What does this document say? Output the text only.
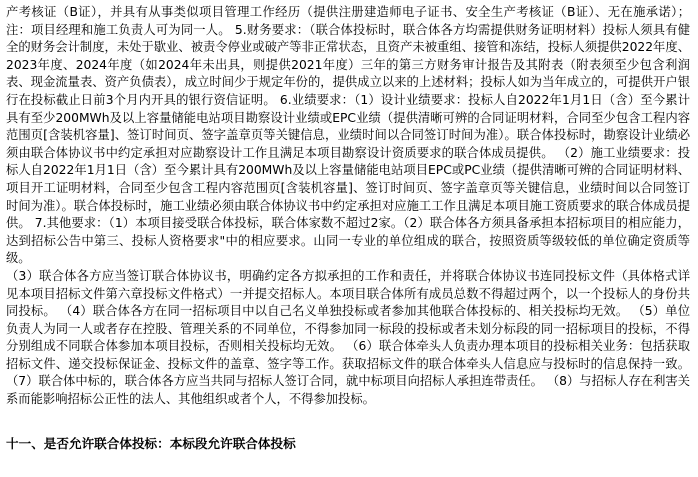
产考核证（B证），并具有从事类似项目管理工作经历（提供注册建造师电子证书、安全生产考核证（B证）、无在施承诺）； 注：项目经理和施工负责人可为同一人。 5.财务要求：（联合体投标时，联合体各方均需提供财务证明材料）投标人须具有健全的财务会计制度，未处于歇业、被责令停业或破产等非正常状态，且资产未被重组、接管和冻结，投标人须提供2022年度、2023年度、2024年度（如2024年未出具，则提供2021年度）三年的第三方财务审计报告及其附表（附表须至少包含利润表、现金流量表、资产负债表），成立时间少于规定年份的，提供成立以来的上述材料；投标人如为当年成立的，可提供开户银行在投标截止日前3个月内开具的银行资信证明。 6.业绩要求：（1）设计业绩要求：投标人自2022年1月1日（含）至今累计具有至少200MWh及以上容量储能电站项目勘察设计业绩或EPC业绩（提供清晰可辨的合同证明材料，合同至少包含工程内容范围页[含装机容量]、签订时间页、签字盖章页等关键信息，业绩时间以合同签订时间为准）。联合体投标时，勘察设计业绩必须由联合体协议书中约定承担对应勘察设计工作且满足本项目勘察设计资质要求的联合体成员提供。 （2）施工业绩要求：投标人自2022年1月1日（含）至今累计具有200MWh及以上容量储能电站项目EPC或PC业绩（提供清晰可辨的合同证明材料、项目开工证明材料，合同至少包含工程内容范围页[含装机容量]、签订时间页、签字盖章页等关键信息，业绩时间以合同签订时间为准）。联合体投标时，施工业绩必须由联合体协议书中约定承担对应施工工作且满足本项目施工资质要求的联合体成员提供。 7.其他要求：（1）本项目接受联合体投标，联合体家数不超过2家。（2）联合体各方须具备承担本招标项目的相应能力，达到招标公告中第三、投标人资格要求"中的相应要求。山同一专业的单位组成的联合，按照资质等级较低的单位确定资质等级。

（3）联合体各方应当签订联合体协议书，明确约定各方拟承担的工作和责任，并将联合体协议书连同投标文件（具体格式详见本项目招标文件第六章投标文件格式）一并提交招标人。本项目联合体所有成员总数不得超过两个，以一个投标人的身份共同投标。 （4）联合体各方在同一招标项目中以自己名义单独投标或者参加其他联合体投标的、相关投标均无效。 （5）单位负责人为同一人或者存在控股、管理关系的不同单位，不得参加同一标段的投标或者未划分标段的同一招标项目的投标，不得分别组成不同联合体参加本项目投标，否则相关投标均无效。 （6）联合体牵头人负责办理本项目的投标相关业务：包括获取招标文件、递交投标保证金、投标文件的盖章、签字等工作。获取招标文件的联合体牵头人信息应与投标时的信息保持一致。 （7）联合体中标的，联合体各方应当共同与招标人签订合同，就中标项目向招标人承担连带责任。 （8）与招标人存在利害关系而能影响招标公正性的法人、其他组织或者个人，不得参加投标。

十一、是否允许联合体投标：本标段允许联合体投标
